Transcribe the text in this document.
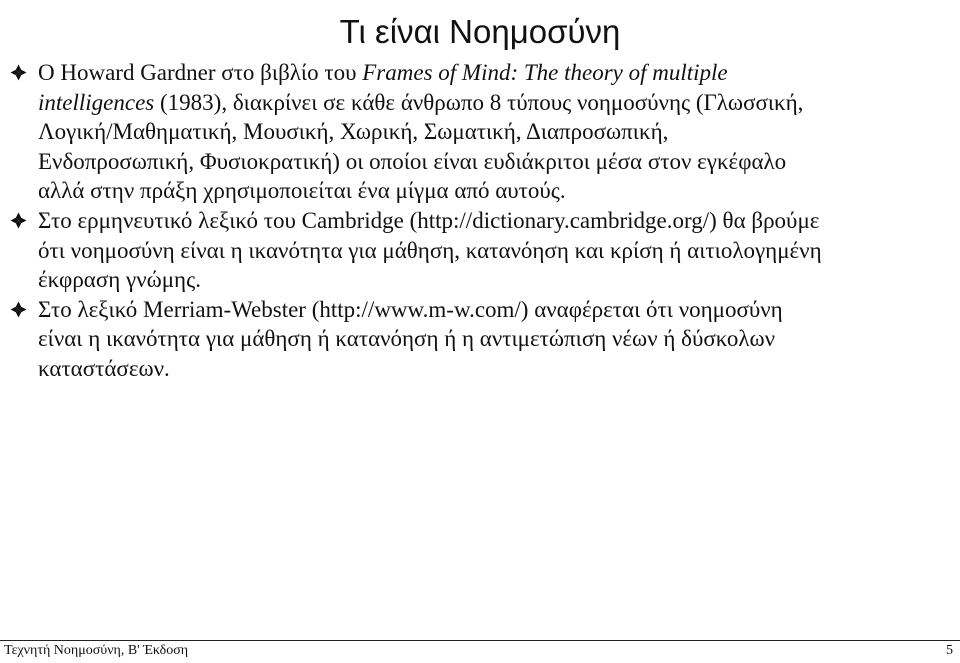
Τι είναι Νοημοσύνη
Ο Howard Gardner στο βιβλίο του Frames of Mind: The theory of multiple
intelligences (1983), διακρίνει σε κάθε άνθρωπο 8 τύπους νοημοσύνης (Γλωσσική,
Λογική/Μαθηματική, Μουσική, Χωρική, Σωματική, Διαπροσωπική,
Ενδοπροσωπική, Φυσιοκρατική) οι οποίοι είναι ευδιάκριτοι μέσα στον εγκέφαλο
αλλά στην πράξη χρησιμοποιείται ένα μίγμα από αυτούς.
Στο ερμηνευτικό λεξικό του Cambridge (http://dictionary.cambridge.org/) θα βρούμε
ότι νοημοσύνη είναι η ικανότητα για μάθηση, κατανόηση και κρίση ή αιτιολογημένη
έκφραση γνώμης.
Στο λεξικό Merriam-Webster (http://www.m-w.com/) αναφέρεται ότι νοημοσύνη
είναι η ικανότητα για μάθηση ή κατανόηση ή η αντιμετώπιση νέων ή δύσκολων
καταστάσεων.
Τεχνητή Νοημοσύνη, Β' Έκδοση	5
